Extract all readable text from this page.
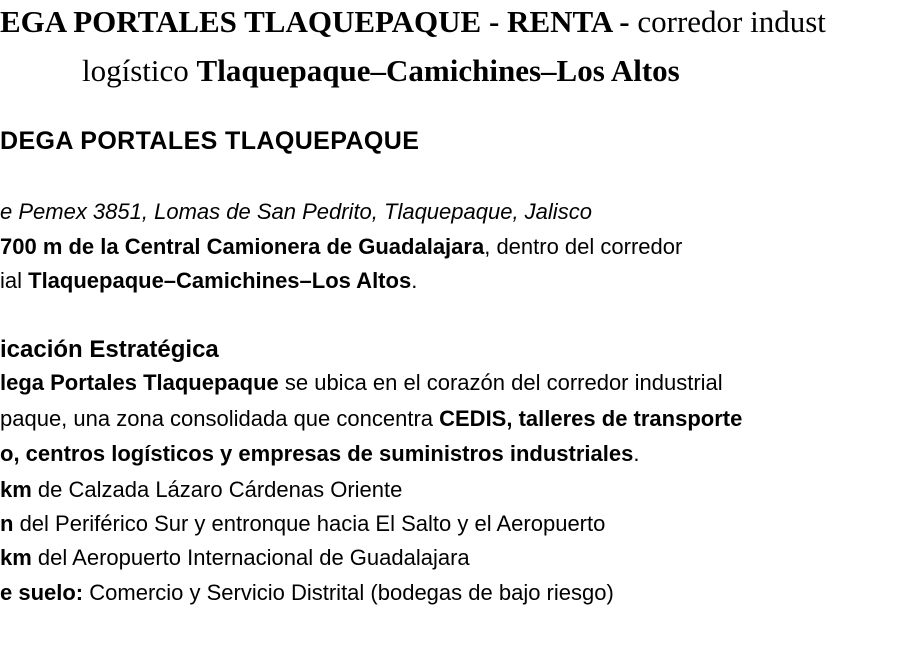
EGA PORTALES TLAQUEPAQUE - RENTA - corredor indust
logístico Tlaquepaque–Camichines–Los Altos
DEGA PORTALES TLAQUEPAQUE
e Pemex 3851, Lomas de San Pedrito, Tlaquepaque, Jalisco
700 m de la Central Camionera de Guadalajara, dentro del corredor
ial Tlaquepaque–Camichines–Los Altos.
icación Estratégica
lega Portales Tlaquepaque se ubica en el corazón del corredor industrial
paque, una zona consolidada que concentra CEDIS, talleres de transporte
o, centros logísticos y empresas de suministros industriales.
km de Calzada Lázaro Cárdenas Oriente
n del Periférico Sur y entronque hacia El Salto y el Aeropuerto
km del Aeropuerto Internacional de Guadalajara
e suelo: Comercio y Servicio Distrital (bodegas de bajo riesgo)
